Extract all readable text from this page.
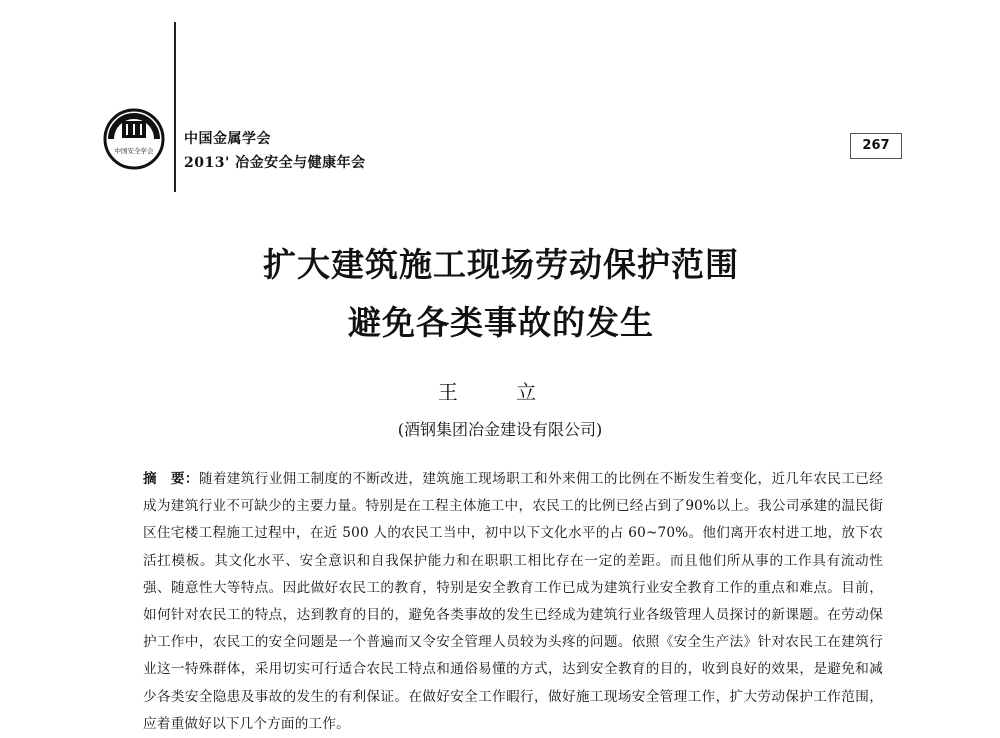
中国安全学会
中国金属学会
2013' 冶金安全与健康年会
267
扩大建筑施工现场劳动保护范围
避免各类事故的发生
王 立
(酒钢集团冶金建设有限公司)
摘　要：随着建筑行业佣工制度的不断改进，建筑施工现场职工和外来佣工的比例在不断发生着变化，近几年农民工已经成为建筑行业不可缺少的主要力量。特别是在工程主体施工中，农民工的比例已经占到了90%以上。我公司承建的温民街区住宅楼工程施工过程中，在近 500 人的农民工当中，初中以下文化水平的占 60~70%。他们离开农村进工地，放下农活扛模板。其文化水平、安全意识和自我保护能力和在职职工相比存在一定的差距。而且他们所从事的工作具有流动性强、随意性大等特点。因此做好农民工的教育，特别是安全教育工作已成为建筑行业安全教育工作的重点和难点。目前，如何针对农民工的特点，达到教育的目的，避免各类事故的发生已经成为建筑行业各级管理人员探讨的新课题。在劳动保护工作中，农民工的安全问题是一个普遍而又令安全管理人员较为头疼的问题。依照《安全生产法》针对农民工在建筑行业这一特殊群体，采用切实可行适合农民工特点和通俗易懂的方式，达到安全教育的目的，收到良好的效果，是避免和减少各类安全隐患及事故的发生的有利保证。在做好安全工作暇行，做好施工现场安全管理工作，扩大劳动保护工作范围，应着重做好以下几个方面的工作。
